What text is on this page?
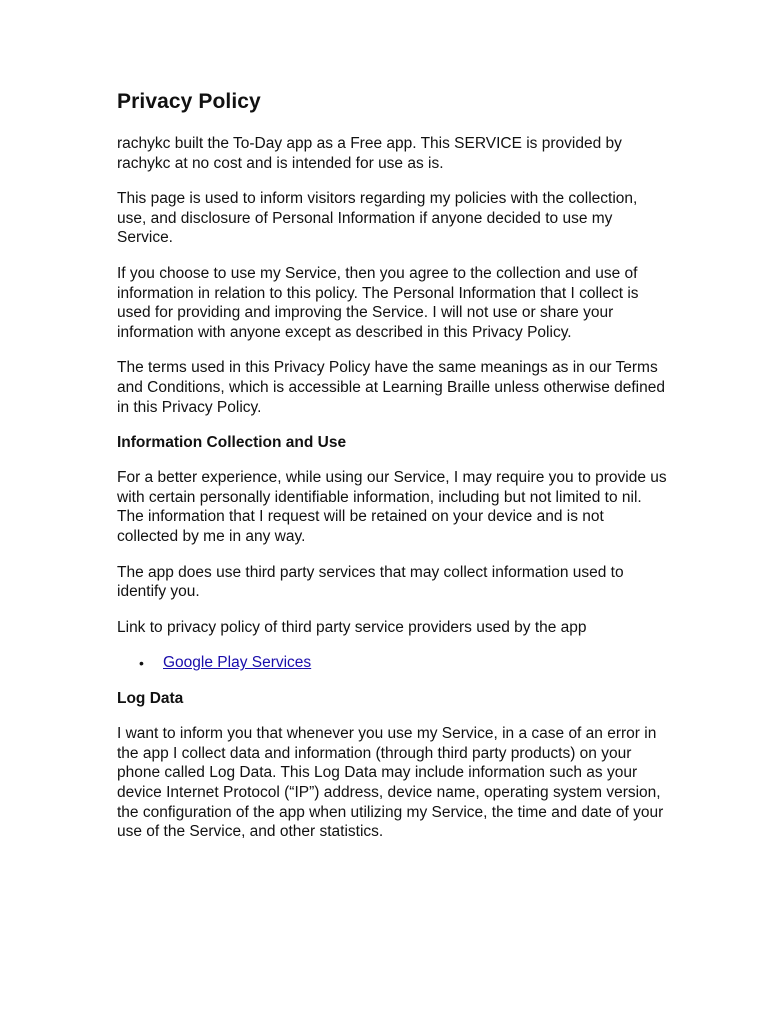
Privacy Policy

rachykc built the To-Day app as a Free app. This SERVICE is provided by rachykc at no cost and is intended for use as is.

This page is used to inform visitors regarding my policies with the collection, use, and disclosure of Personal Information if anyone decided to use my Service.

If you choose to use my Service, then you agree to the collection and use of information in relation to this policy. The Personal Information that I collect is used for providing and improving the Service. I will not use or share your information with anyone except as described in this Privacy Policy.

The terms used in this Privacy Policy have the same meanings as in our Terms and Conditions, which is accessible at Learning Braille unless otherwise defined in this Privacy Policy.

Information Collection and Use

For a better experience, while using our Service, I may require you to provide us with certain personally identifiable information, including but not limited to nil. The information that I request will be retained on your device and is not collected by me in any way.

The app does use third party services that may collect information used to identify you.

Link to privacy policy of third party service providers used by the app

• Google Play Services
Log Data

I want to inform you that whenever you use my Service, in a case of an error in the app I collect data and information (through third party products) on your phone called Log Data. This Log Data may include information such as your device Internet Protocol (“IP”) address, device name, operating system version, the configuration of the app when utilizing my Service, the time and date of your use of the Service, and other statistics.
